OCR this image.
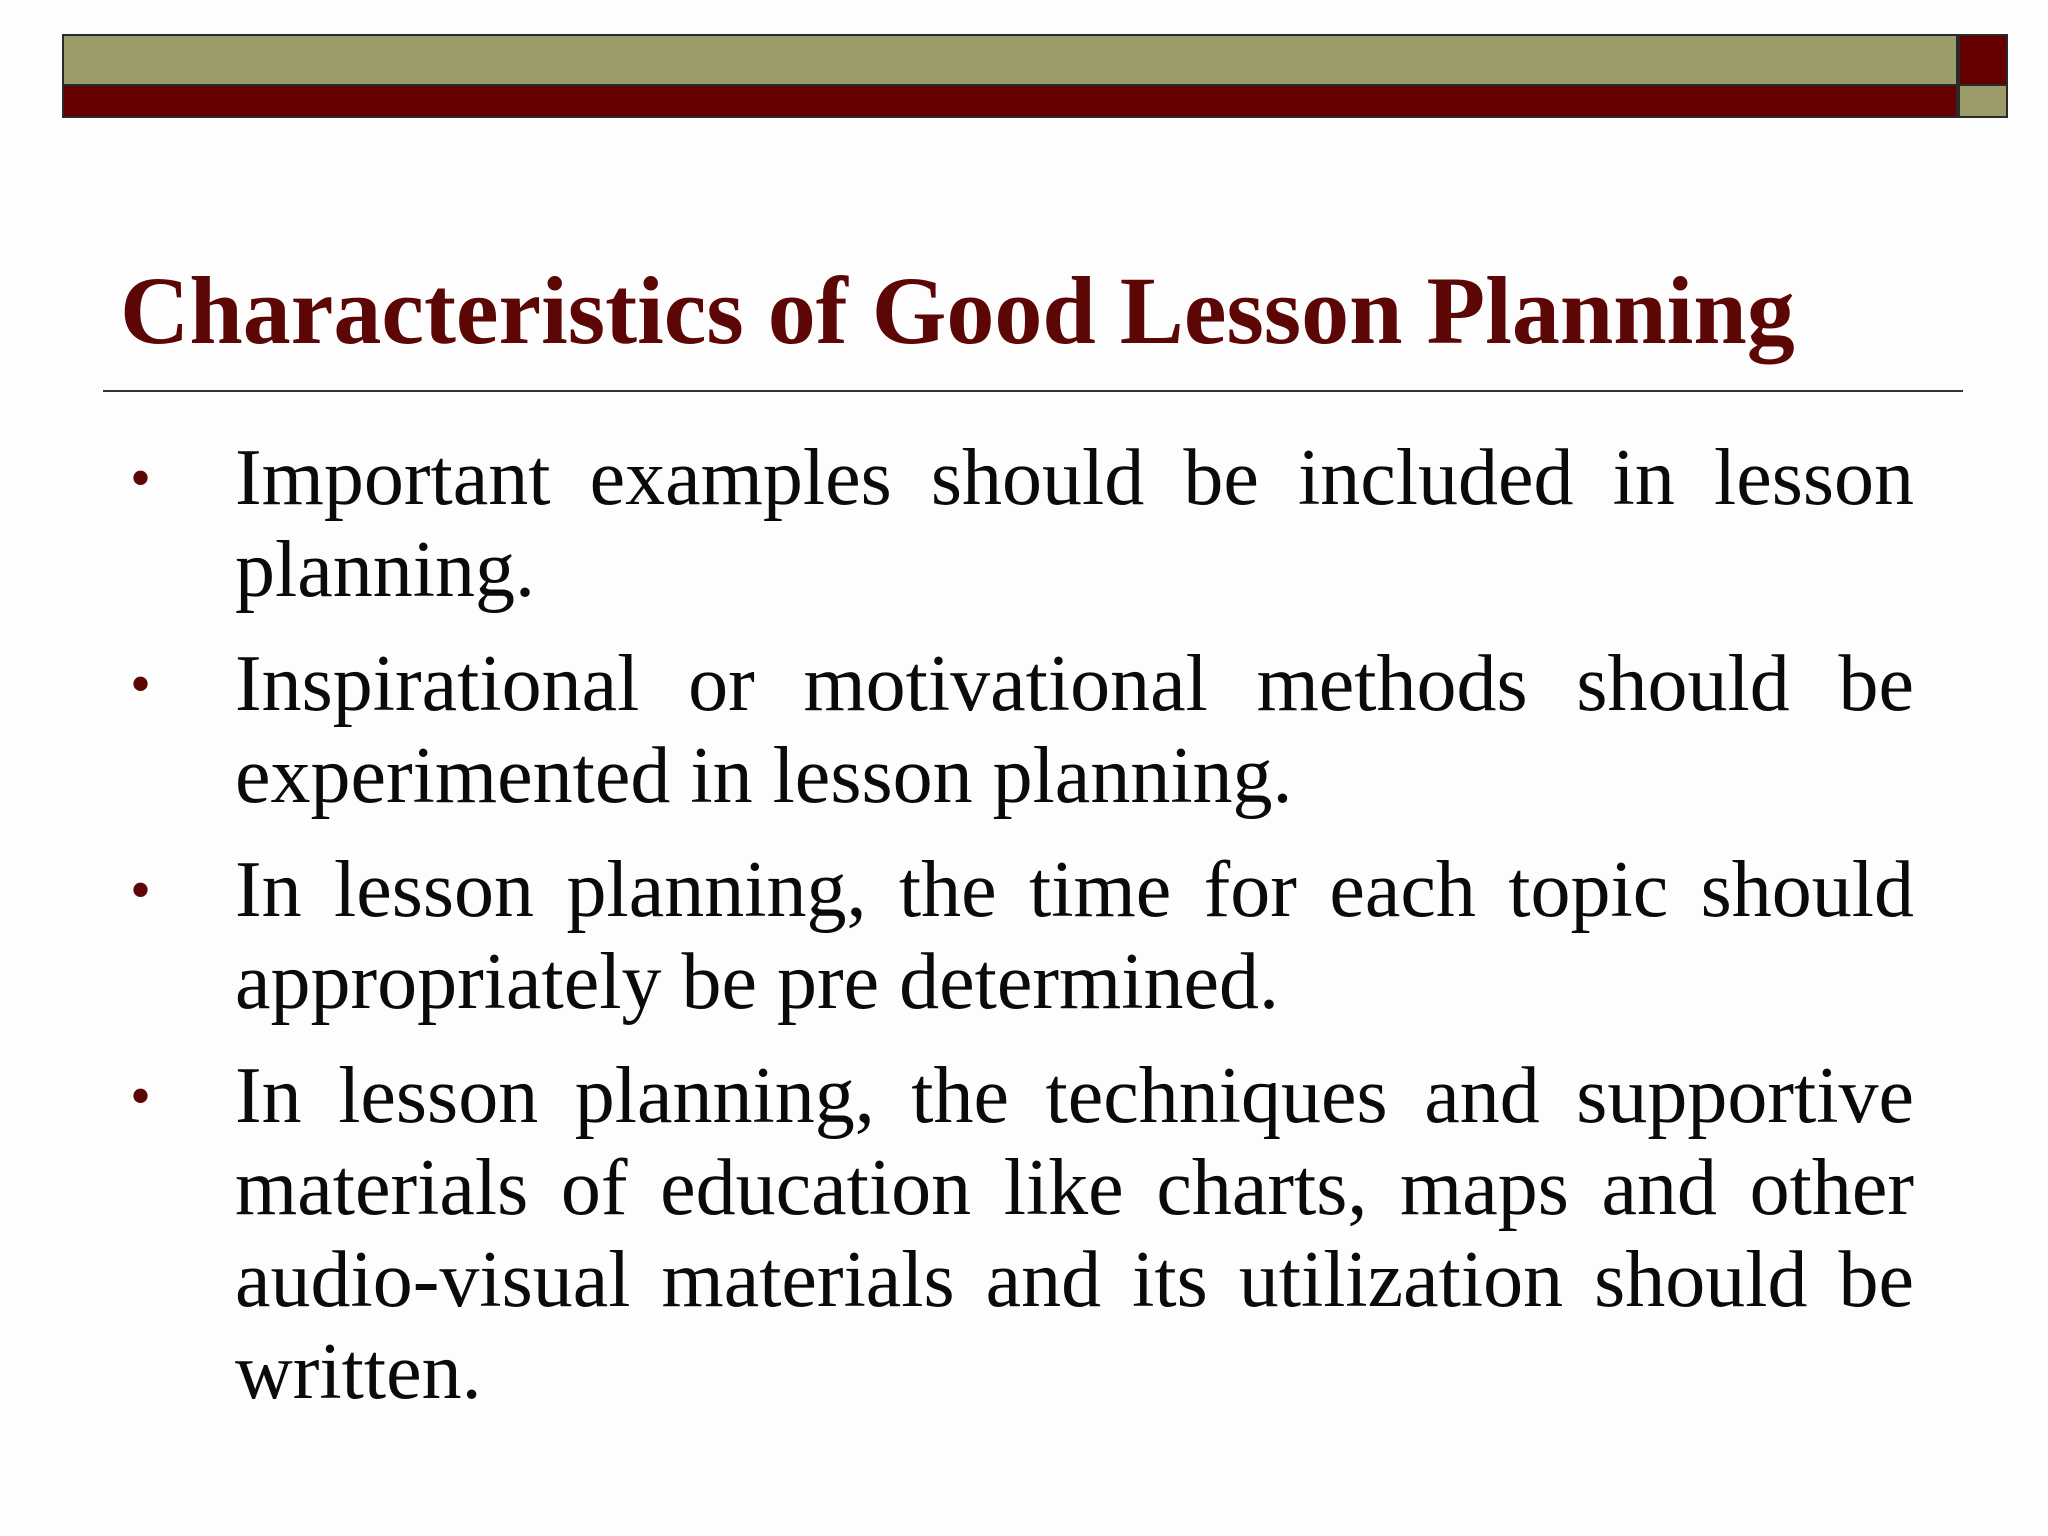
Characteristics of Good Lesson Planning
• Important examples should be included in lesson planning.
• Inspirational or motivational methods should be experimented in lesson planning.
• In lesson planning, the time for each topic should appropriately be pre determined.
• In lesson planning, the techniques and supportive materials of education like charts, maps and other audio-visual materials and its utilization should be written.
